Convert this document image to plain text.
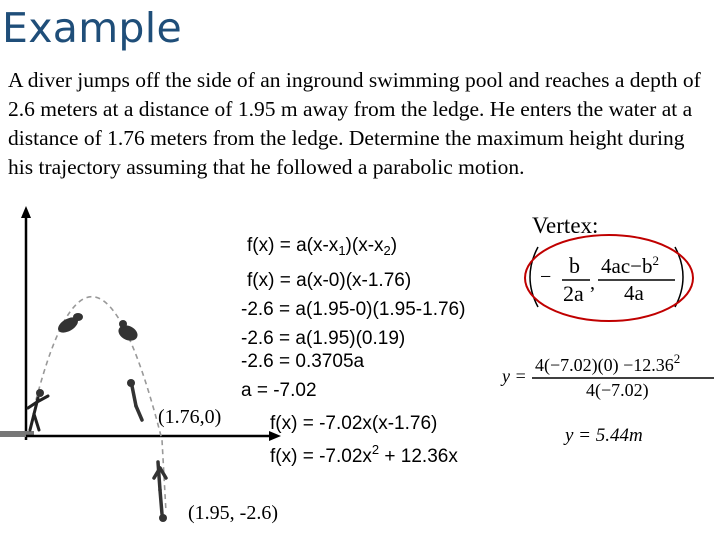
Example
A diver jumps off the side of an inground swimming pool and reaches a depth of 2.6 meters at a distance of 1.95 m away from the ledge. He enters the water at a distance of 1.76 meters from the ledge. Determine the maximum height during his trajectory assuming that he followed a parabolic motion.
Vertex:
$f(x) = a(x-x_1)(x-x_2)$
f(x) = a(x-0)(x-1.76)
-2.6 = a(1.95-0)(1.95-1.76)
-2.6 = a(1.95)(0.19)
-2.6 = 0.3705a
a = -7.02
f(x) = -7.02x(x-1.76)
$f(x) = -7.02x^2 + 12.36x$
(1.76,0)
(1.95, -2.6)
− b
2a ,
$4ac-b^2$
4a
y =
$4(-7.02)(0) -12.36^2$
4(−7.02)
y = 5.44m
